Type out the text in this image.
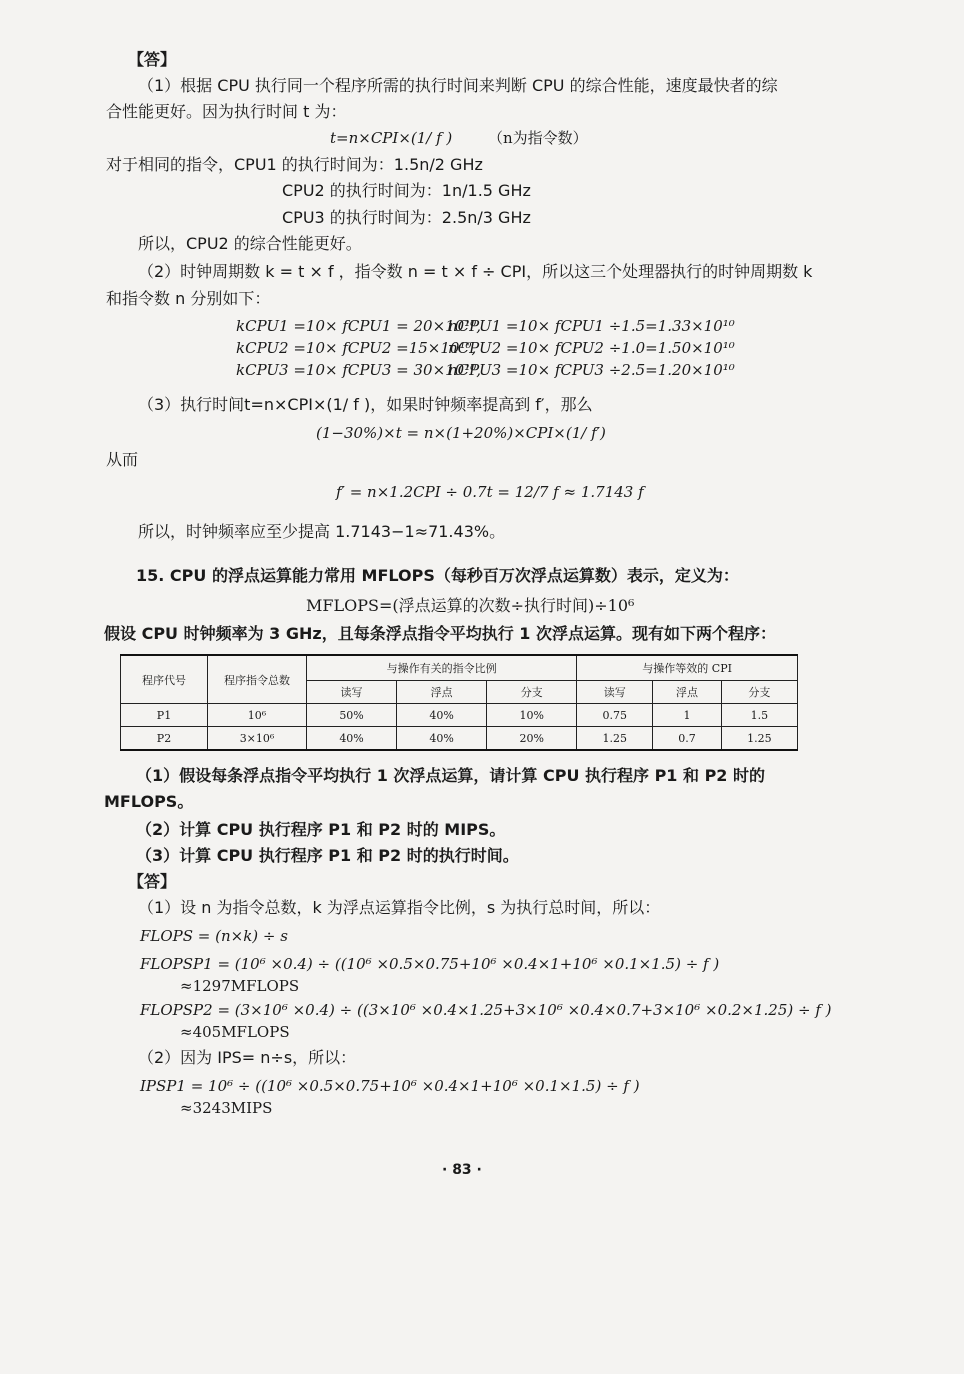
【答】
（1）根据 CPU 执行同一个程序所需的执行时间来判断 CPU 的综合性能，速度最快者的综
合性能更好。因为执行时间 t 为：
t=n×CPI×(1/ f ) （n为指令数）
对于相同的指令，CPU1 的执行时间为：1.5n/2 GHz
CPU2 的执行时间为：1n/1.5 GHz
CPU3 的执行时间为：2.5n/3 GHz
所以，CPU2 的综合性能更好。
（2）时钟周期数 k = t × f ，指令数 n = t × f ÷ CPI，所以这三个处理器执行的时钟周期数 k
和指令数 n 分别如下：
kCPU1 =10× fCPU1 = 20×10¹⁰,
nCPU1 =10× fCPU1 ÷1.5=1.33×10¹⁰
kCPU2 =10× fCPU2 =15×10¹⁰,
nCPU2 =10× fCPU2 ÷1.0=1.50×10¹⁰
kCPU3 =10× fCPU3 = 30×10¹⁰,
nCPU3 =10× fCPU3 ÷2.5=1.20×10¹⁰
（3）执行时间t=n×CPI×(1/ f )，如果时钟频率提高到 f′，那么
(1−30%)×t = n×(1+20%)×CPI×(1/ f′)
从而
f′ = n×1.2CPI ÷ 0.7t = 12/7 f ≈ 1.7143 f
所以，时钟频率应至少提高 1.7143−1≈71.43%。
15. CPU 的浮点运算能力常用 MFLOPS（每秒百万次浮点运算数）表示，定义为：
MFLOPS=(浮点运算的次数÷执行时间)÷10⁶
假设 CPU 时钟频率为 3 GHz，且每条浮点指令平均执行 1 次浮点运算。现有如下两个程序：
程序代号	程序指令总数	与操作有关的指令比例			与操作等效的 CPI		
		读写	浮点	分支	读写	浮点	分支
P1	10⁶	50%	40%	10%	0.75	1	1.5
P2	3×10⁶	40%	40%	20%	1.25	0.7	1.25
（1）假设每条浮点指令平均执行 1 次浮点运算，请计算 CPU 执行程序 P1 和 P2 时的
MFLOPS。
（2）计算 CPU 执行程序 P1 和 P2 时的 MIPS。
（3）计算 CPU 执行程序 P1 和 P2 时的执行时间。
【答】
（1）设 n 为指令总数，k 为浮点运算指令比例，s 为执行总时间，所以：
FLOPS = (n×k) ÷ s
FLOPSP1 = (10⁶ ×0.4) ÷ ((10⁶ ×0.5×0.75+10⁶ ×0.4×1+10⁶ ×0.1×1.5) ÷ f )
≈1297MFLOPS
FLOPSP2 = (3×10⁶ ×0.4) ÷ ((3×10⁶ ×0.4×1.25+3×10⁶ ×0.4×0.7+3×10⁶ ×0.2×1.25) ÷ f )
≈405MFLOPS
（2）因为 IPS= n÷s，所以：
IPSP1 = 10⁶ ÷ ((10⁶ ×0.5×0.75+10⁶ ×0.4×1+10⁶ ×0.1×1.5) ÷ f )
≈3243MIPS
· 83 ·
